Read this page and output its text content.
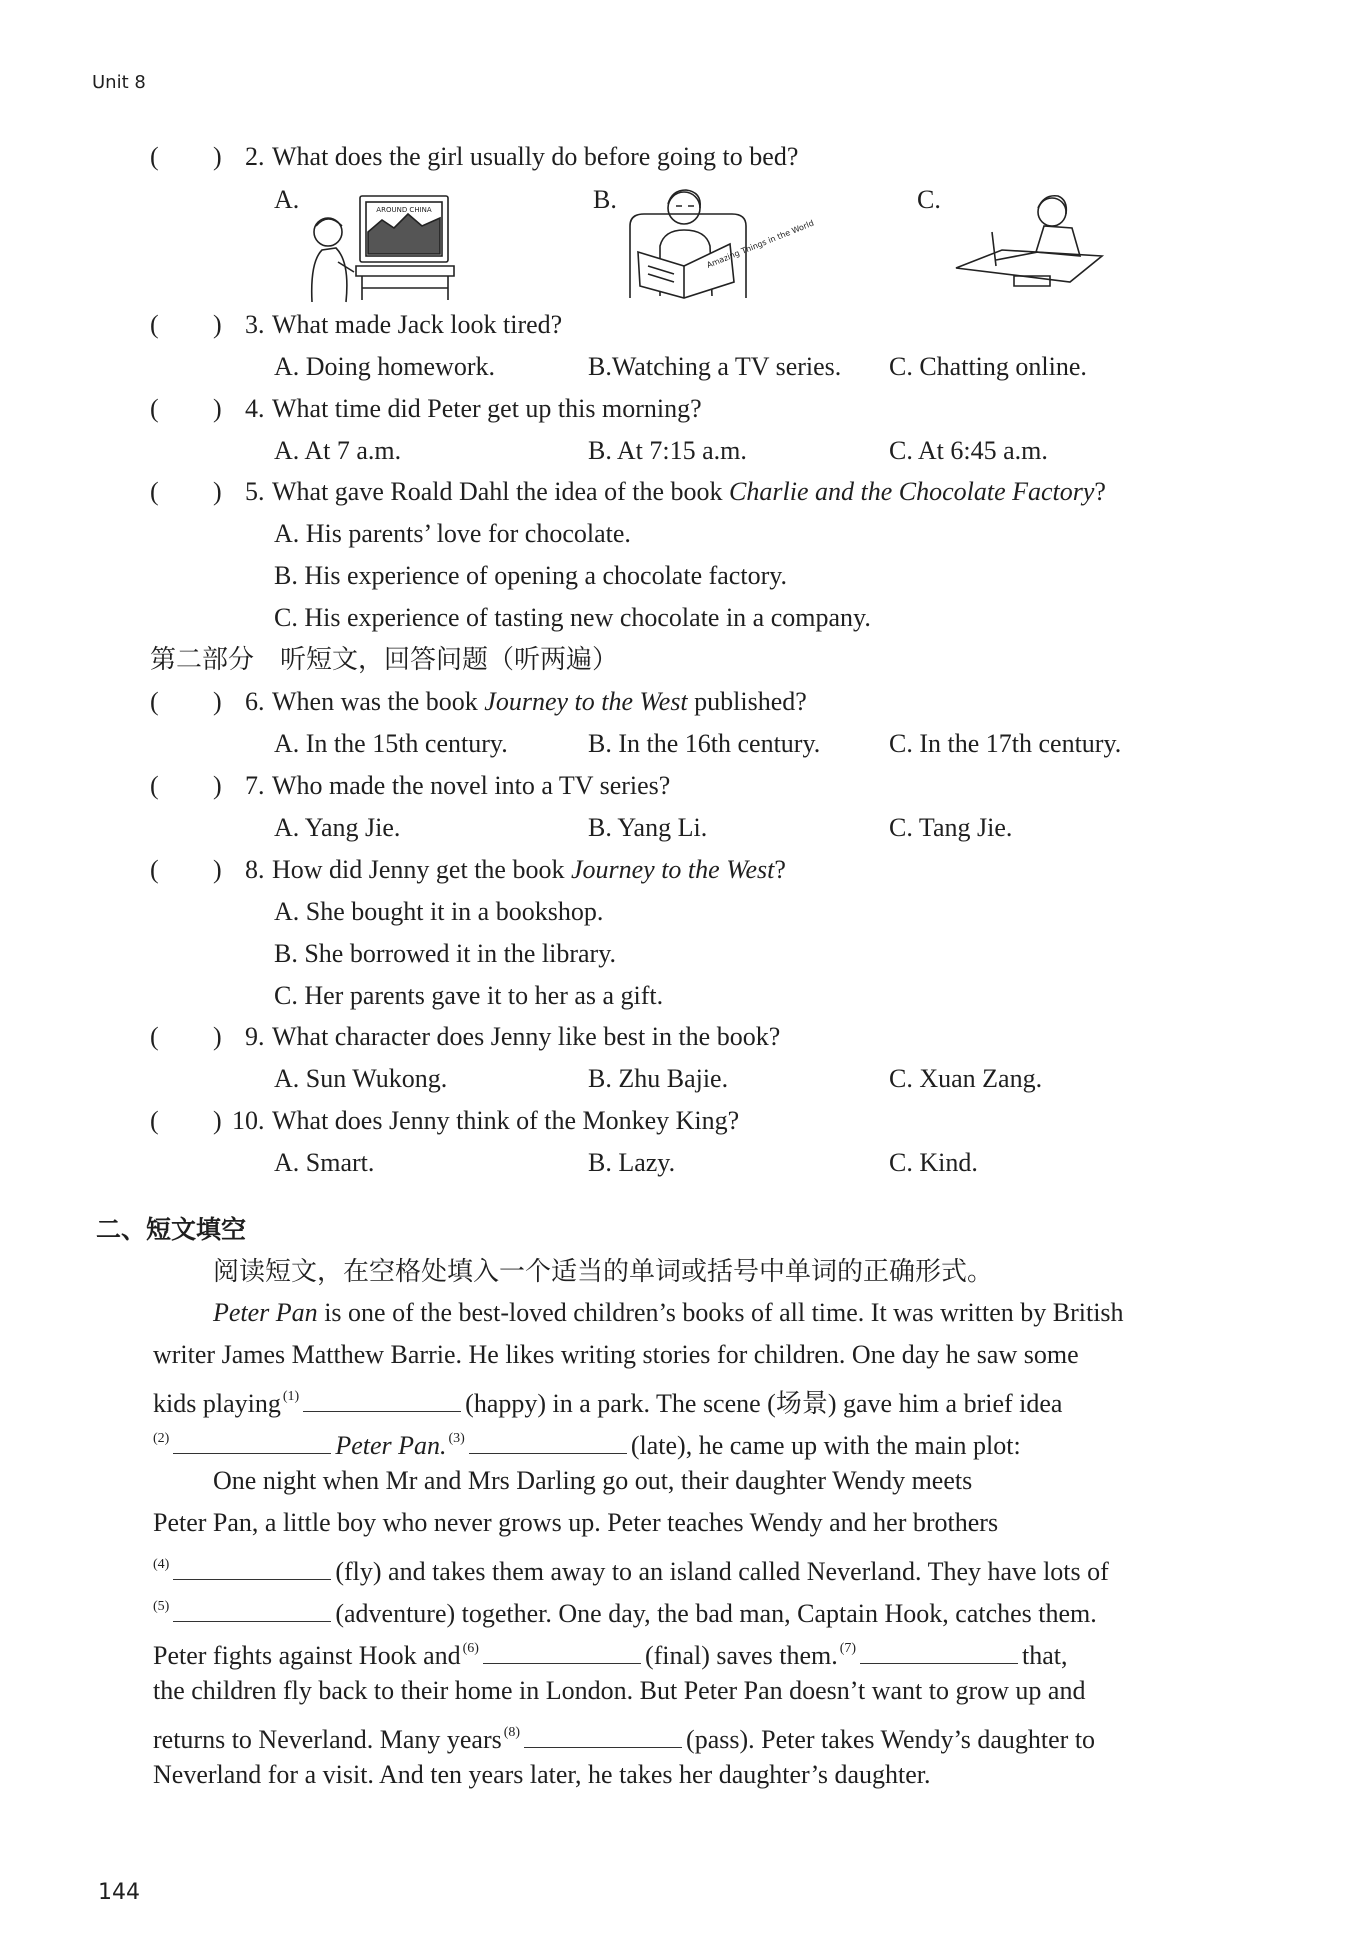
Unit 8
( ) 2 . What does the girl usually do before going to bed?
A.	B.	C.
AROUND CHINA
Amazing Things in the World
( ) 3 . What made Jack look tired?
A. Doing homework.	B.Watching a TV series. C. Chatting online.
( ) 4 . What time did Peter get up this morning?
A. At 7 a.m.	B. At 7:15 a.m.	C. At 6:45 a.m.
( ) 5 . What gave Roald Dahl the idea of the book Charlie and the Chocolate Factory?
A. His parents’ love for chocolate.
B. His experience of opening a chocolate factory.
C. His experience of tasting new chocolate in a company.
第二部分　听短文，回答问题（听两遍）
( ) 6 . When was the book Journey to the West published?
A. In the 15th century.	B. In the 16th century.	C. In the 17th century.
( ) 7 . Who made the novel into a TV series?
A. Yang Jie.	B. Yang Li.	C. Tang Jie.
( ) 8 . How did Jenny get the book Journey to the West?
A. She bought it in a bookshop.
B. She borrowed it in the library.
C. Her parents gave it to her as a gift.
( ) 9 . What character does Jenny like best in the book?
A. Sun Wukong.	B. Zhu Bajie.	C. Xuan Zang.
( ) 10 . What does Jenny think of the Monkey King?
A. Smart.	B. Lazy.	C. Kind.
二、短文填空
阅读短文，在空格处填入一个适当的单词或括号中单词的正确形式。
Peter Pan is one of the best-loved children’s books of all time. It was written by British
writer James Matthew Barrie. He likes writing stories for children. One day he saw some
kids playing $^{(1)}$	(happy) in a park. The scene (场景) gave him a brief idea
$^{(2)}$	Peter Pan. $^{(3)}$	(late), he came up with the main plot:
One night when Mr and Mrs Darling go out, their daughter Wendy meets
Peter Pan, a little boy who never grows up. Peter teaches Wendy and her brothers
$^{(4)}$	(fly) and takes them away to an island called Neverland. They have lots of
$^{(5)}$	(adventure) together. One day, the bad man, Captain Hook, catches them.
Peter fights against Hook and $^{(6)}$	(final) saves them. $^{(7)}$	that,
the children fly back to their home in London. But Peter Pan doesn’t want to grow up and
returns to Neverland. Many years $^{(8)}$	(pass). Peter takes Wendy’s daughter to
Neverland for a visit. And ten years later, he takes her daughter’s daughter.
144
